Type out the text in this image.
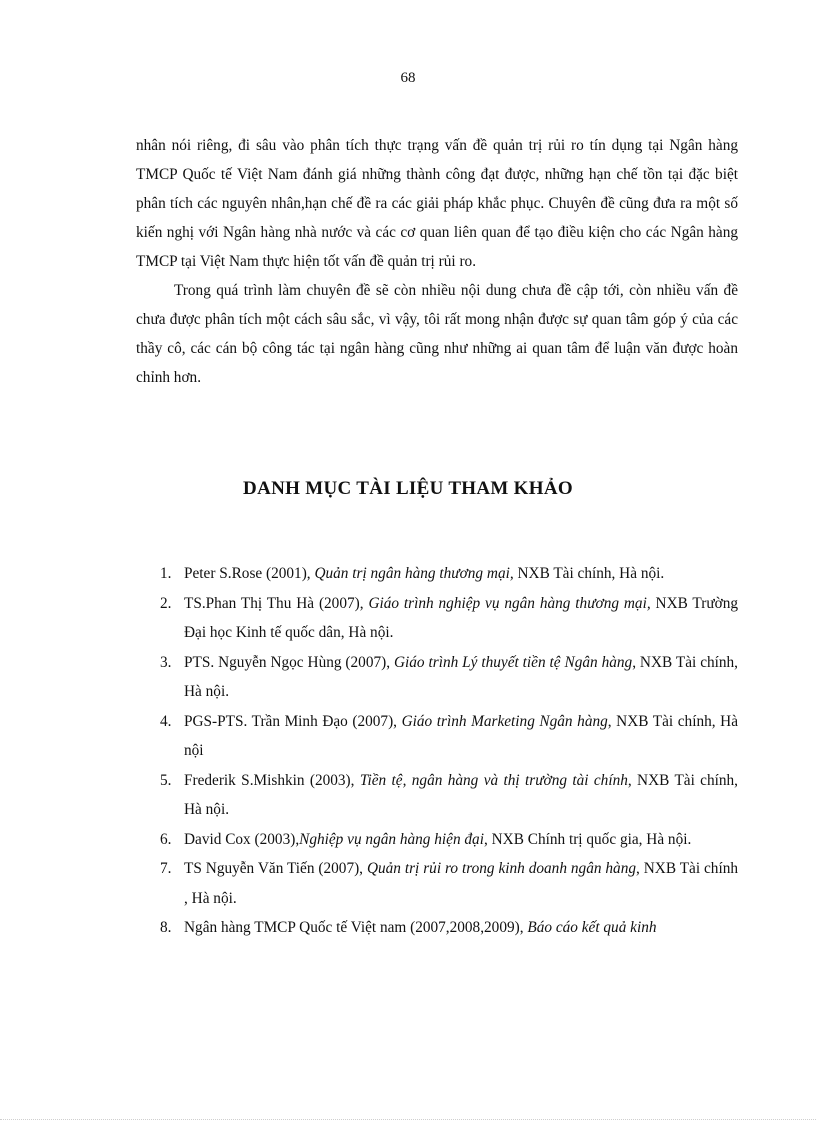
68

nhân nói riêng, đi sâu vào phân tích thực trạng vấn đề quản trị rủi ro tín dụng tại Ngân hàng TMCP Quốc tế Việt Nam đánh giá những thành công đạt được, những hạn chế tồn tại đặc biệt phân tích các nguyên nhân,hạn chế đề ra các giải pháp khắc phục. Chuyên đề cũng đưa ra một số kiến nghị với Ngân hàng nhà nước và các cơ quan liên quan để tạo điều kiện cho các Ngân hàng TMCP tại Việt Nam thực hiện tốt vấn đề quản trị rủi ro.

Trong quá trình làm chuyên đề sẽ còn nhiều nội dung chưa đề cập tới, còn nhiều vấn đề chưa được phân tích một cách sâu sắc, vì vậy, tôi rất mong nhận được sự quan tâm góp ý của các thầy cô, các cán bộ công tác tại ngân hàng cũng như những ai quan tâm để luận văn được hoàn chỉnh hơn.

DANH MỤC TÀI LIỆU THAM KHẢO
1. Peter S.Rose (2001), Quản trị ngân hàng thương mại, NXB Tài chính, Hà nội.
2. TS.Phan Thị Thu Hà (2007), Giáo trình nghiệp vụ ngân hàng thương mại, NXB Trường Đại học Kinh tế quốc dân, Hà nội.
3. PTS. Nguyễn Ngọc Hùng (2007), Giáo trình Lý thuyết tiền tệ Ngân hàng, NXB Tài chính, Hà nội.
4. PGS-PTS. Trần Minh Đạo (2007), Giáo trình Marketing Ngân hàng, NXB Tài chính, Hà nội
5. Frederik S.Mishkin (2003), Tiền tệ, ngân hàng và thị trường tài chính, NXB Tài chính, Hà nội.
6. David Cox (2003),Nghiệp vụ ngân hàng hiện đại, NXB Chính trị quốc gia, Hà nội.
7. TS Nguyễn Văn Tiến (2007), Quản trị rủi ro trong kinh doanh ngân hàng, NXB Tài chính , Hà nội.
8. Ngân hàng TMCP Quốc tế Việt nam (2007,2008,2009), Báo cáo kết quả kinh
